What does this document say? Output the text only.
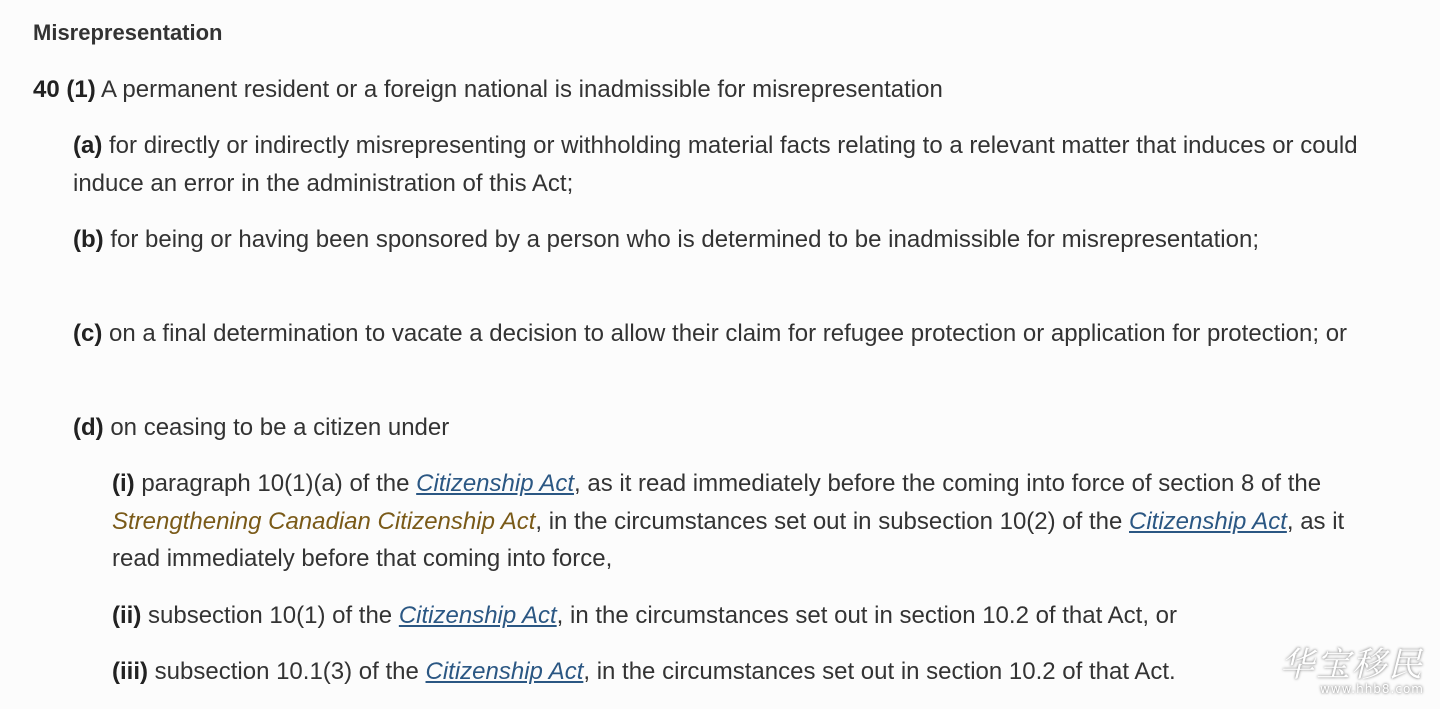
Misrepresentation

40 (1) A permanent resident or a foreign national is inadmissible for misrepresentation

(a) for directly or indirectly misrepresenting or withholding material facts relating to a relevant matter that induces or could induce an error in the administration of this Act;

(b) for being or having been sponsored by a person who is determined to be inadmissible for misrepresentation;

(c) on a final determination to vacate a decision to allow their claim for refugee protection or application for protection; or

(d) on ceasing to be a citizen under

(i) paragraph 10(1)(a) of the Citizenship Act, as it read immediately before the coming into force of section 8 of the Strengthening Canadian Citizenship Act, in the circumstances set out in subsection 10(2) of the Citizenship Act, as it read immediately before that coming into force,

(ii) subsection 10(1) of the Citizenship Act, in the circumstances set out in section 10.2 of that Act, or

(iii) subsection 10.1(3) of the Citizenship Act, in the circumstances set out in section 10.2 of that Act.	华宝移民
www.hhb8.com
